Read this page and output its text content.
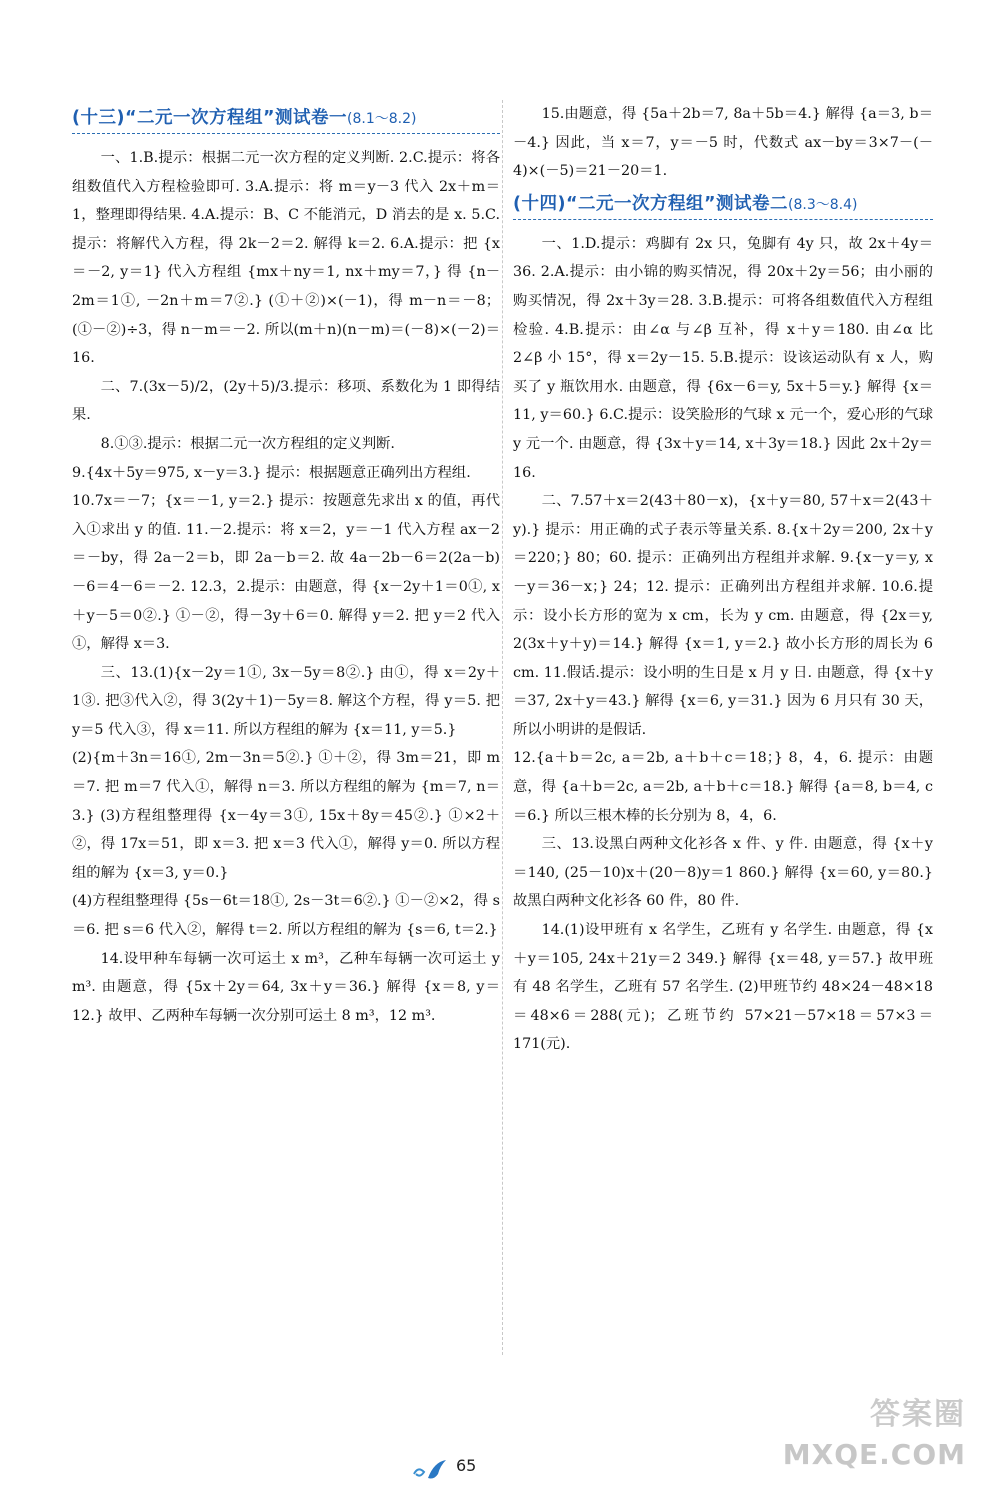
(十三)“二元一次方程组”测试卷一(8.1～8.2)

一、1.B.提示：根据二元一次方程的定义判断. 2.C.提示：将各组数值代入方程检验即可. 3.A.提示：将 m＝y－3 代入 2x＋m＝1，整理即得结果. 4.A.提示：B、C 不能消元，D 消去的是 x. 5.C.提示：将解代入方程，得 2k－2＝2. 解得 k＝2. 6.A.提示：把 {x＝－2, y＝1} 代入方程组 {mx＋ny＝1, nx＋my＝7，} 得 {n－2m＝1①, －2n＋m＝7②.} (①＋②)×(－1)，得 m－n＝－8；(①－②)÷3，得 n－m＝－2. 所以(m＋n)(n－m)＝(－8)×(－2)＝16.

二、7.(3x－5)/2，(2y＋5)/3.提示：移项、系数化为 1 即得结果.

8.①③.提示：根据二元一次方程组的定义判断.

9.{4x＋5y＝975, x－y＝3.} 提示：根据题意正确列出方程组.

10.7x＝－7；{x＝－1, y＝2.} 提示：按题意先求出 x 的值，再代入①求出 y 的值. 11.－2.提示：将 x＝2，y＝－1 代入方程 ax－2＝－by，得 2a－2＝b，即 2a－b＝2. 故 4a－2b－6＝2(2a－b)－6＝4－6＝－2. 12.3，2.提示：由题意，得 {x－2y＋1＝0①, x＋y－5＝0②.} ①－②，得－3y＋6＝0. 解得 y＝2. 把 y＝2 代入①，解得 x＝3.

三、13.(1){x－2y＝1①, 3x－5y＝8②.} 由①，得 x＝2y＋1③. 把③代入②，得 3(2y＋1)－5y＝8. 解这个方程，得 y＝5. 把 y＝5 代入③，得 x＝11. 所以方程组的解为 {x＝11, y＝5.}

(2){m＋3n＝16①, 2m－3n＝5②.} ①＋②，得 3m＝21，即 m＝7. 把 m＝7 代入①，解得 n＝3. 所以方程组的解为 {m＝7, n＝3.} (3)方程组整理得 {x－4y＝3①, 15x＋8y＝45②.} ①×2＋②，得 17x＝51，即 x＝3. 把 x＝3 代入①，解得 y＝0. 所以方程组的解为 {x＝3, y＝0.}

(4)方程组整理得 {5s－6t＝18①, 2s－3t＝6②.} ①－②×2，得 s＝6. 把 s＝6 代入②，解得 t＝2. 所以方程组的解为 {s＝6, t＝2.}

14.设甲种车每辆一次可运土 x m³，乙种车每辆一次可运土 y m³. 由题意，得 {5x＋2y＝64, 3x＋y＝36.} 解得 {x＝8, y＝12.} 故甲、乙两种车每辆一次分别可运土 8 m³，12 m³.

15.由题意，得 {5a＋2b＝7, 8a＋5b＝4.} 解得 {a＝3, b＝－4.} 因此，当 x＝7，y＝－5 时，代数式 ax－by＝3×7－(－4)×(－5)＝21－20＝1.

(十四)“二元一次方程组”测试卷二(8.3～8.4)

一、1.D.提示：鸡脚有 2x 只，兔脚有 4y 只，故 2x＋4y＝36. 2.A.提示：由小锦的购买情况，得 20x＋2y＝56；由小丽的购买情况，得 2x＋3y＝28. 3.B.提示：可将各组数值代入方程组检验. 4.B.提示：由∠α 与∠β 互补，得 x＋y＝180. 由∠α 比 2∠β 小 15°，得 x＝2y－15. 5.B.提示：设该运动队有 x 人，购买了 y 瓶饮用水. 由题意，得 {6x－6＝y, 5x＋5＝y.} 解得 {x＝11, y＝60.} 6.C.提示：设笑脸形的气球 x 元一个，爱心形的气球 y 元一个. 由题意，得 {3x＋y＝14, x＋3y＝18.} 因此 2x＋2y＝16.

二、7.57＋x＝2(43＋80－x)，{x＋y＝80, 57＋x＝2(43＋y).} 提示：用正确的式子表示等量关系. 8.{x＋2y＝200, 2x＋y＝220；} 80；60. 提示：正确列出方程组并求解. 9.{x－y＝y, x－y＝36－x；} 24；12. 提示：正确列出方程组并求解. 10.6.提示：设小长方形的宽为 x cm，长为 y cm. 由题意，得 {2x＝y, 2(3x＋y＋y)＝14.} 解得 {x＝1, y＝2.} 故小长方形的周长为 6 cm. 11.假话.提示：设小明的生日是 x 月 y 日. 由题意，得 {x＋y＝37, 2x＋y＝43.} 解得 {x＝6, y＝31.} 因为 6 月只有 30 天，所以小明讲的是假话.

12.{a＋b＝2c, a＝2b, a＋b＋c＝18；} 8，4，6. 提示：由题意，得 {a＋b＝2c, a＝2b, a＋b＋c＝18.} 解得 {a＝8, b＝4, c＝6.} 所以三根木棒的长分别为 8，4，6.

三、13.设黑白两种文化衫各 x 件、y 件. 由题意，得 {x＋y＝140, (25－10)x＋(20－8)y＝1 860.} 解得 {x＝60, y＝80.} 故黑白两种文化衫各 60 件，80 件.

14.(1)设甲班有 x 名学生，乙班有 y 名学生. 由题意，得 {x＋y＝105, 24x＋21y＝2 349.} 解得 {x＝48, y＝57.} 故甲班有 48 名学生，乙班有 57 名学生. (2)甲班节约 48×24－48×18＝48×6＝288(元)；乙班节约 57×21－57×18＝57×3＝171(元).

65
答案圈
MXQE.COM
